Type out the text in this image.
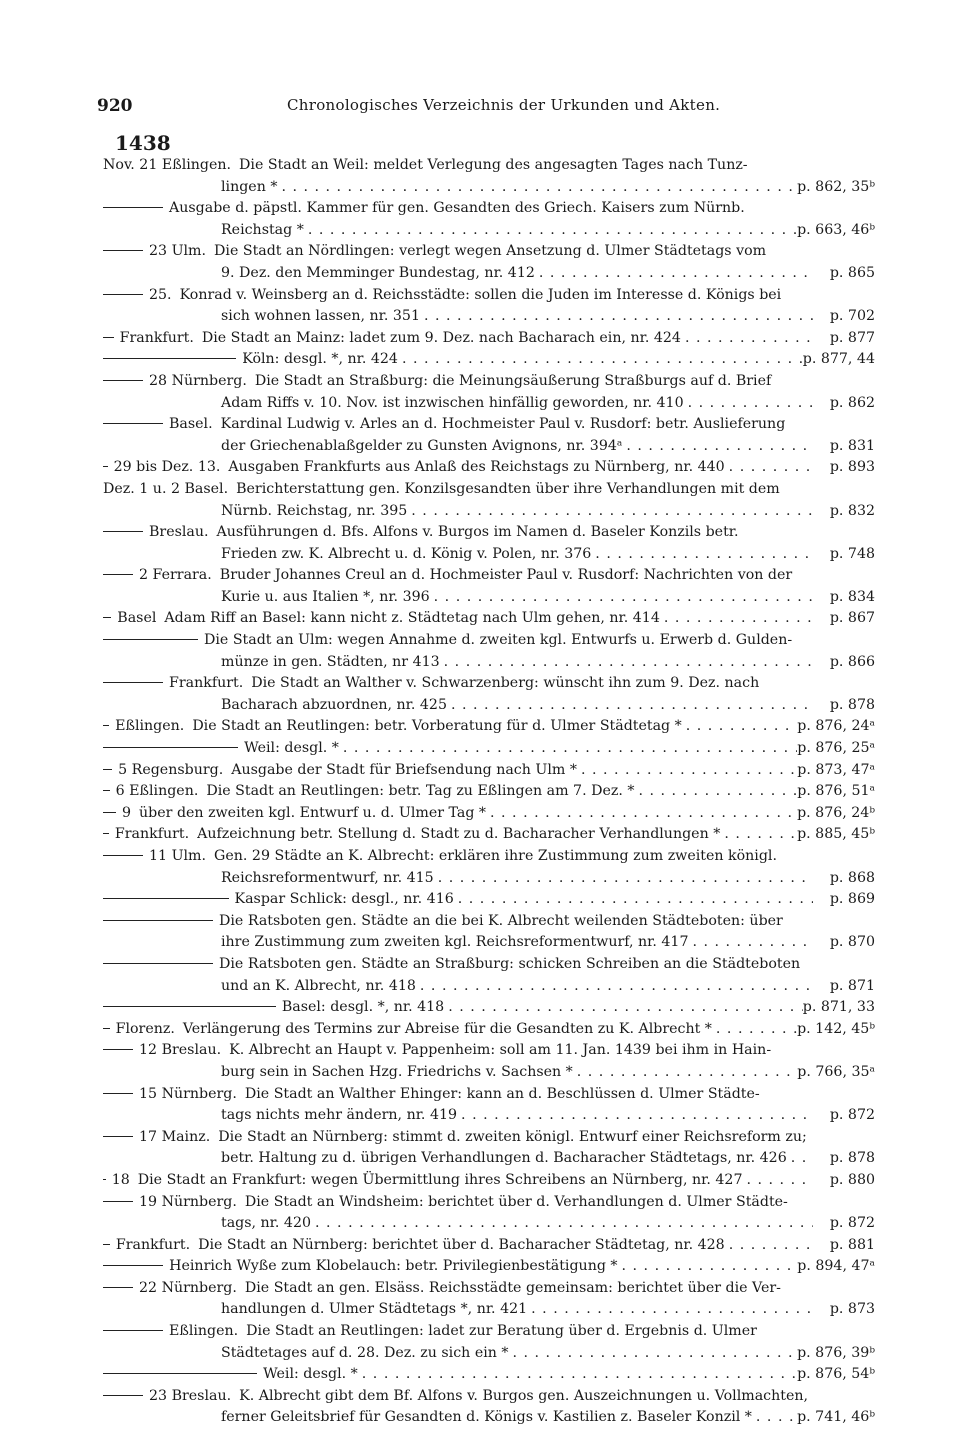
920	Chronologisches Verzeichnis der Urkunden und Akten.
1438
Nov. 21 Eßlingen. Die Stadt an Weil: meldet Verlegung des angesagten Tages nach Tunz-
lingen * . . .	p. 862, 35ᵇ
Ausgabe d. päpstl. Kammer für gen. Gesandten des Griech. Kaisers zum Nürnb.
Reichstag * . . .	p. 663, 46ᵇ
23 Ulm. Die Stadt an Nördlingen: verlegt wegen Ansetzung d. Ulmer Städtetags vom
9. Dez. den Memminger Bundestag, nr. 412 . . .	p. 865
25. Konrad v. Weinsberg an d. Reichsstädte: sollen die Juden im Interesse d. Königs bei
sich wohnen lassen, nr. 351 . . .	p. 702
Frankfurt. Die Stadt an Mainz: ladet zum 9. Dez. nach Bacharach ein, nr. 424 . . .	p. 877
Köln: desgl. *, nr. 424 . . .	p. 877, 44
28 Nürnberg. Die Stadt an Straßburg: die Meinungsäußerung Straßburgs auf d. Brief
Adam Riffs v. 10. Nov. ist inzwischen hinfällig geworden, nr. 410 . . .	p. 862
Basel. Kardinal Ludwig v. Arles an d. Hochmeister Paul v. Rusdorf: betr. Auslieferung
der Griechenablaßgelder zu Gunsten Avignons, nr. 394ᵃ . . .	p. 831
29 bis Dez. 13. Ausgaben Frankfurts aus Anlaß des Reichstags zu Nürnberg, nr. 440 . . .	p. 893
Dez. 1 u. 2 Basel. Berichterstattung gen. Konzilsgesandten über ihre Verhandlungen mit dem
Nürnb. Reichstag, nr. 395 . . .	p. 832
Breslau. Ausführungen d. Bfs. Alfons v. Burgos im Namen d. Baseler Konzils betr.
Frieden zw. K. Albrecht u. d. König v. Polen, nr. 376 . . .	p. 748
2 Ferrara. Bruder Johannes Creul an d. Hochmeister Paul v. Rusdorf: Nachrichten von der
Kurie u. aus Italien *, nr. 396 . . .	p. 834
Basel Adam Riff an Basel: kann nicht z. Städtetag nach Ulm gehen, nr. 414 . . .	p. 867
Die Stadt an Ulm: wegen Annahme d. zweiten kgl. Entwurfs u. Erwerb d. Gulden-
münze in gen. Städten, nr 413 . . .	p. 866
Frankfurt. Die Stadt an Walther v. Schwarzenberg: wünscht ihn zum 9. Dez. nach
Bacharach abzuordnen, nr. 425 . . .	p. 878
Eßlingen. Die Stadt an Reutlingen: betr. Vorberatung für d. Ulmer Städtetag * . . .	p. 876, 24ᵃ
Weil: desgl. * . . .	p. 876, 25ᵃ
5 Regensburg. Ausgabe der Stadt für Briefsendung nach Ulm * . . .	p. 873, 47ᵃ
6 Eßlingen. Die Stadt an Reutlingen: betr. Tag zu Eßlingen am 7. Dez. * . . .	p. 876, 51ᵃ
9 über den zweiten kgl. Entwurf u. d. Ulmer Tag * . . .	p. 876, 24ᵇ
Frankfurt. Aufzeichnung betr. Stellung d. Stadt zu d. Bacharacher Verhandlungen * . . .	p. 885, 45ᵇ
11 Ulm. Gen. 29 Städte an K. Albrecht: erklären ihre Zustimmung zum zweiten königl.
Reichsreformentwurf, nr. 415 . . .	p. 868
Kaspar Schlick: desgl., nr. 416 . . .	p. 869
Die Ratsboten gen. Städte an die bei K. Albrecht weilenden Städteboten: über
ihre Zustimmung zum zweiten kgl. Reichsreformentwurf, nr. 417 . . .	p. 870
Die Ratsboten gen. Städte an Straßburg: schicken Schreiben an die Städteboten
und an K. Albrecht, nr. 418 . . .	p. 871
Basel: desgl. *, nr. 418 . . .	p. 871, 33
Florenz. Verlängerung des Termins zur Abreise für die Gesandten zu K. Albrecht * . . .	p. 142, 45ᵇ
12 Breslau. K. Albrecht an Haupt v. Pappenheim: soll am 11. Jan. 1439 bei ihm in Hain-
burg sein in Sachen Hzg. Friedrichs v. Sachsen * . . .	p. 766, 35ᵃ
15 Nürnberg. Die Stadt an Walther Ehinger: kann an d. Beschlüssen d. Ulmer Städte-
tags nichts mehr ändern, nr. 419 . . .	p. 872
17 Mainz. Die Stadt an Nürnberg: stimmt d. zweiten königl. Entwurf einer Reichsreform zu;
betr. Haltung zu d. übrigen Verhandlungen d. Bacharacher Städtetags, nr. 426 . . .	p. 878
18 Die Stadt an Frankfurt: wegen Übermittlung ihres Schreibens an Nürnberg, nr. 427 . . .	p. 880
19 Nürnberg. Die Stadt an Windsheim: berichtet über d. Verhandlungen d. Ulmer Städte-
tags, nr. 420 . . .	p. 872
Frankfurt. Die Stadt an Nürnberg: berichtet über d. Bacharacher Städtetag, nr. 428 . . .	p. 881
Heinrich Wyße zum Klobelauch: betr. Privilegienbestätigung * . . .	p. 894, 47ᵃ
22 Nürnberg. Die Stadt an gen. Elsäss. Reichsstädte gemeinsam: berichtet über die Ver-
handlungen d. Ulmer Städtetags *, nr. 421 . . .	p. 873
Eßlingen. Die Stadt an Reutlingen: ladet zur Beratung über d. Ergebnis d. Ulmer
Städtetages auf d. 28. Dez. zu sich ein * . . .	p. 876, 39ᵇ
Weil: desgl. * . . .	p. 876, 54ᵇ
23 Breslau. K. Albrecht gibt dem Bf. Alfons v. Burgos gen. Auszeichnungen u. Vollmachten,
ferner Geleitsbrief für Gesandten d. Königs v. Kastilien z. Baseler Konzil * . . .	p. 741, 46ᵇ
